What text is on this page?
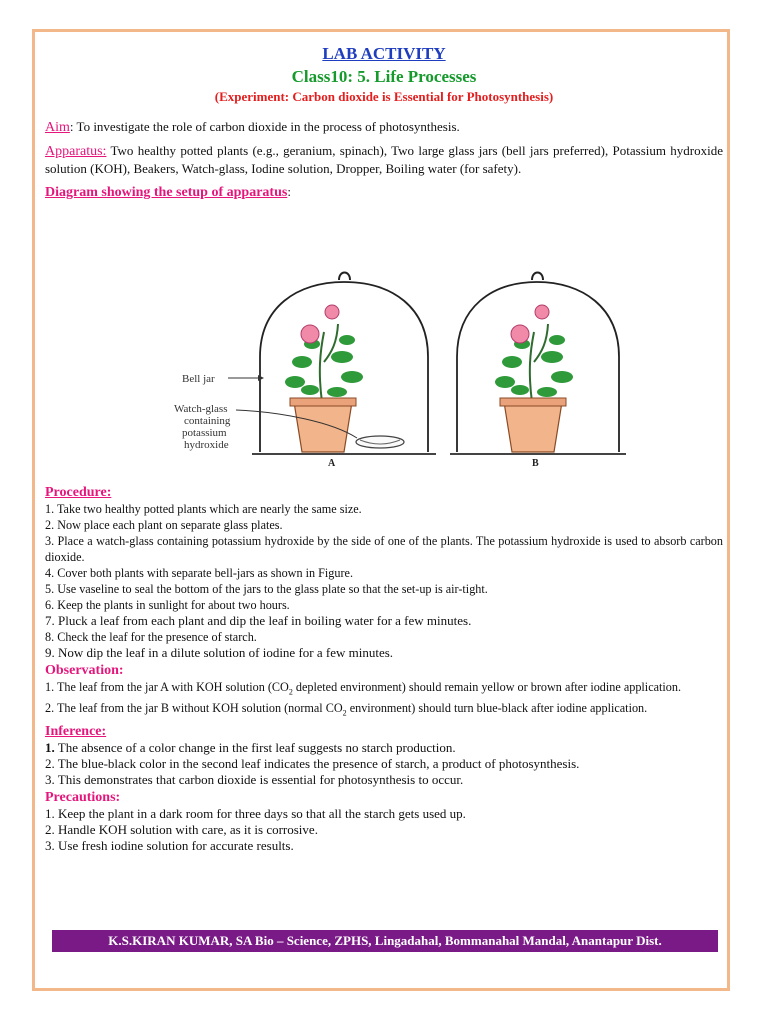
LAB ACTIVITY

Class10: 5. Life Processes

(Experiment: Carbon dioxide is Essential for Photosynthesis)

Aim: To investigate the role of carbon dioxide in the process of photosynthesis.

Apparatus: Two healthy potted plants (e.g., geranium, spinach), Two large glass jars (bell jars preferred), Potassium hydroxide solution (KOH), Beakers, Watch-glass, Iodine solution, Dropper, Boiling water (for safety).

Diagram showing the setup of apparatus:

Bell jar
Watch-glass
containing
potassium
hydroxide
A	B

Procedure:

1. Take two healthy potted plants which are nearly the same size.

2. Now place each plant on separate glass plates.

3. Place a watch-glass containing potassium hydroxide by the side of one of the plants. The potassium hydroxide is used to absorb carbon dioxide.

4. Cover both plants with separate bell-jars as shown in Figure.

5. Use vaseline to seal the bottom of the jars to the glass plate so that the set-up is air-tight.

6. Keep the plants in sunlight for about two hours.

7. Pluck a leaf from each plant and dip the leaf in boiling water for a few minutes.

8. Check the leaf for the presence of starch.

9. Now dip the leaf in a dilute solution of iodine for a few minutes.

Observation:

1. The leaf from the jar A with KOH solution ($CO_2$ depleted environment) should remain yellow or brown after iodine application.

2. The leaf from the jar B without KOH solution (normal $CO_2$ environment) should turn blue-black after iodine application.

Inference:

1. The absence of a color change in the first leaf suggests no starch production.

2. The blue-black color in the second leaf indicates the presence of starch, a product of photosynthesis.

3. This demonstrates that carbon dioxide is essential for photosynthesis to occur.

Precautions:

1. Keep the plant in a dark room for three days so that all the starch gets used up.

2. Handle KOH solution with care, as it is corrosive.

3. Use fresh iodine solution for accurate results.

K.S.KIRAN KUMAR, SA Bio – Science, ZPHS, Lingadahal, Bommanahal Mandal, Anantapur Dist.
